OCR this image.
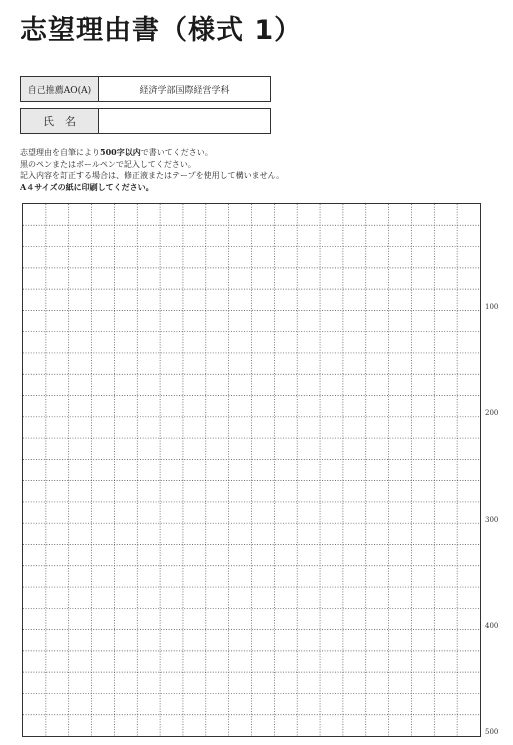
志望理由書（様式 1）
自己推薦AO(A)	経済学部国際経営学科

氏　名	
志望理由を自筆により500字以内で書いてください。
黒のペンまたはボールペンで記入してください。
記入内容を訂正する場合は、修正液またはテープを使用して構いません。
A４サイズの紙に印刷してください。
100
200
300
400
500
